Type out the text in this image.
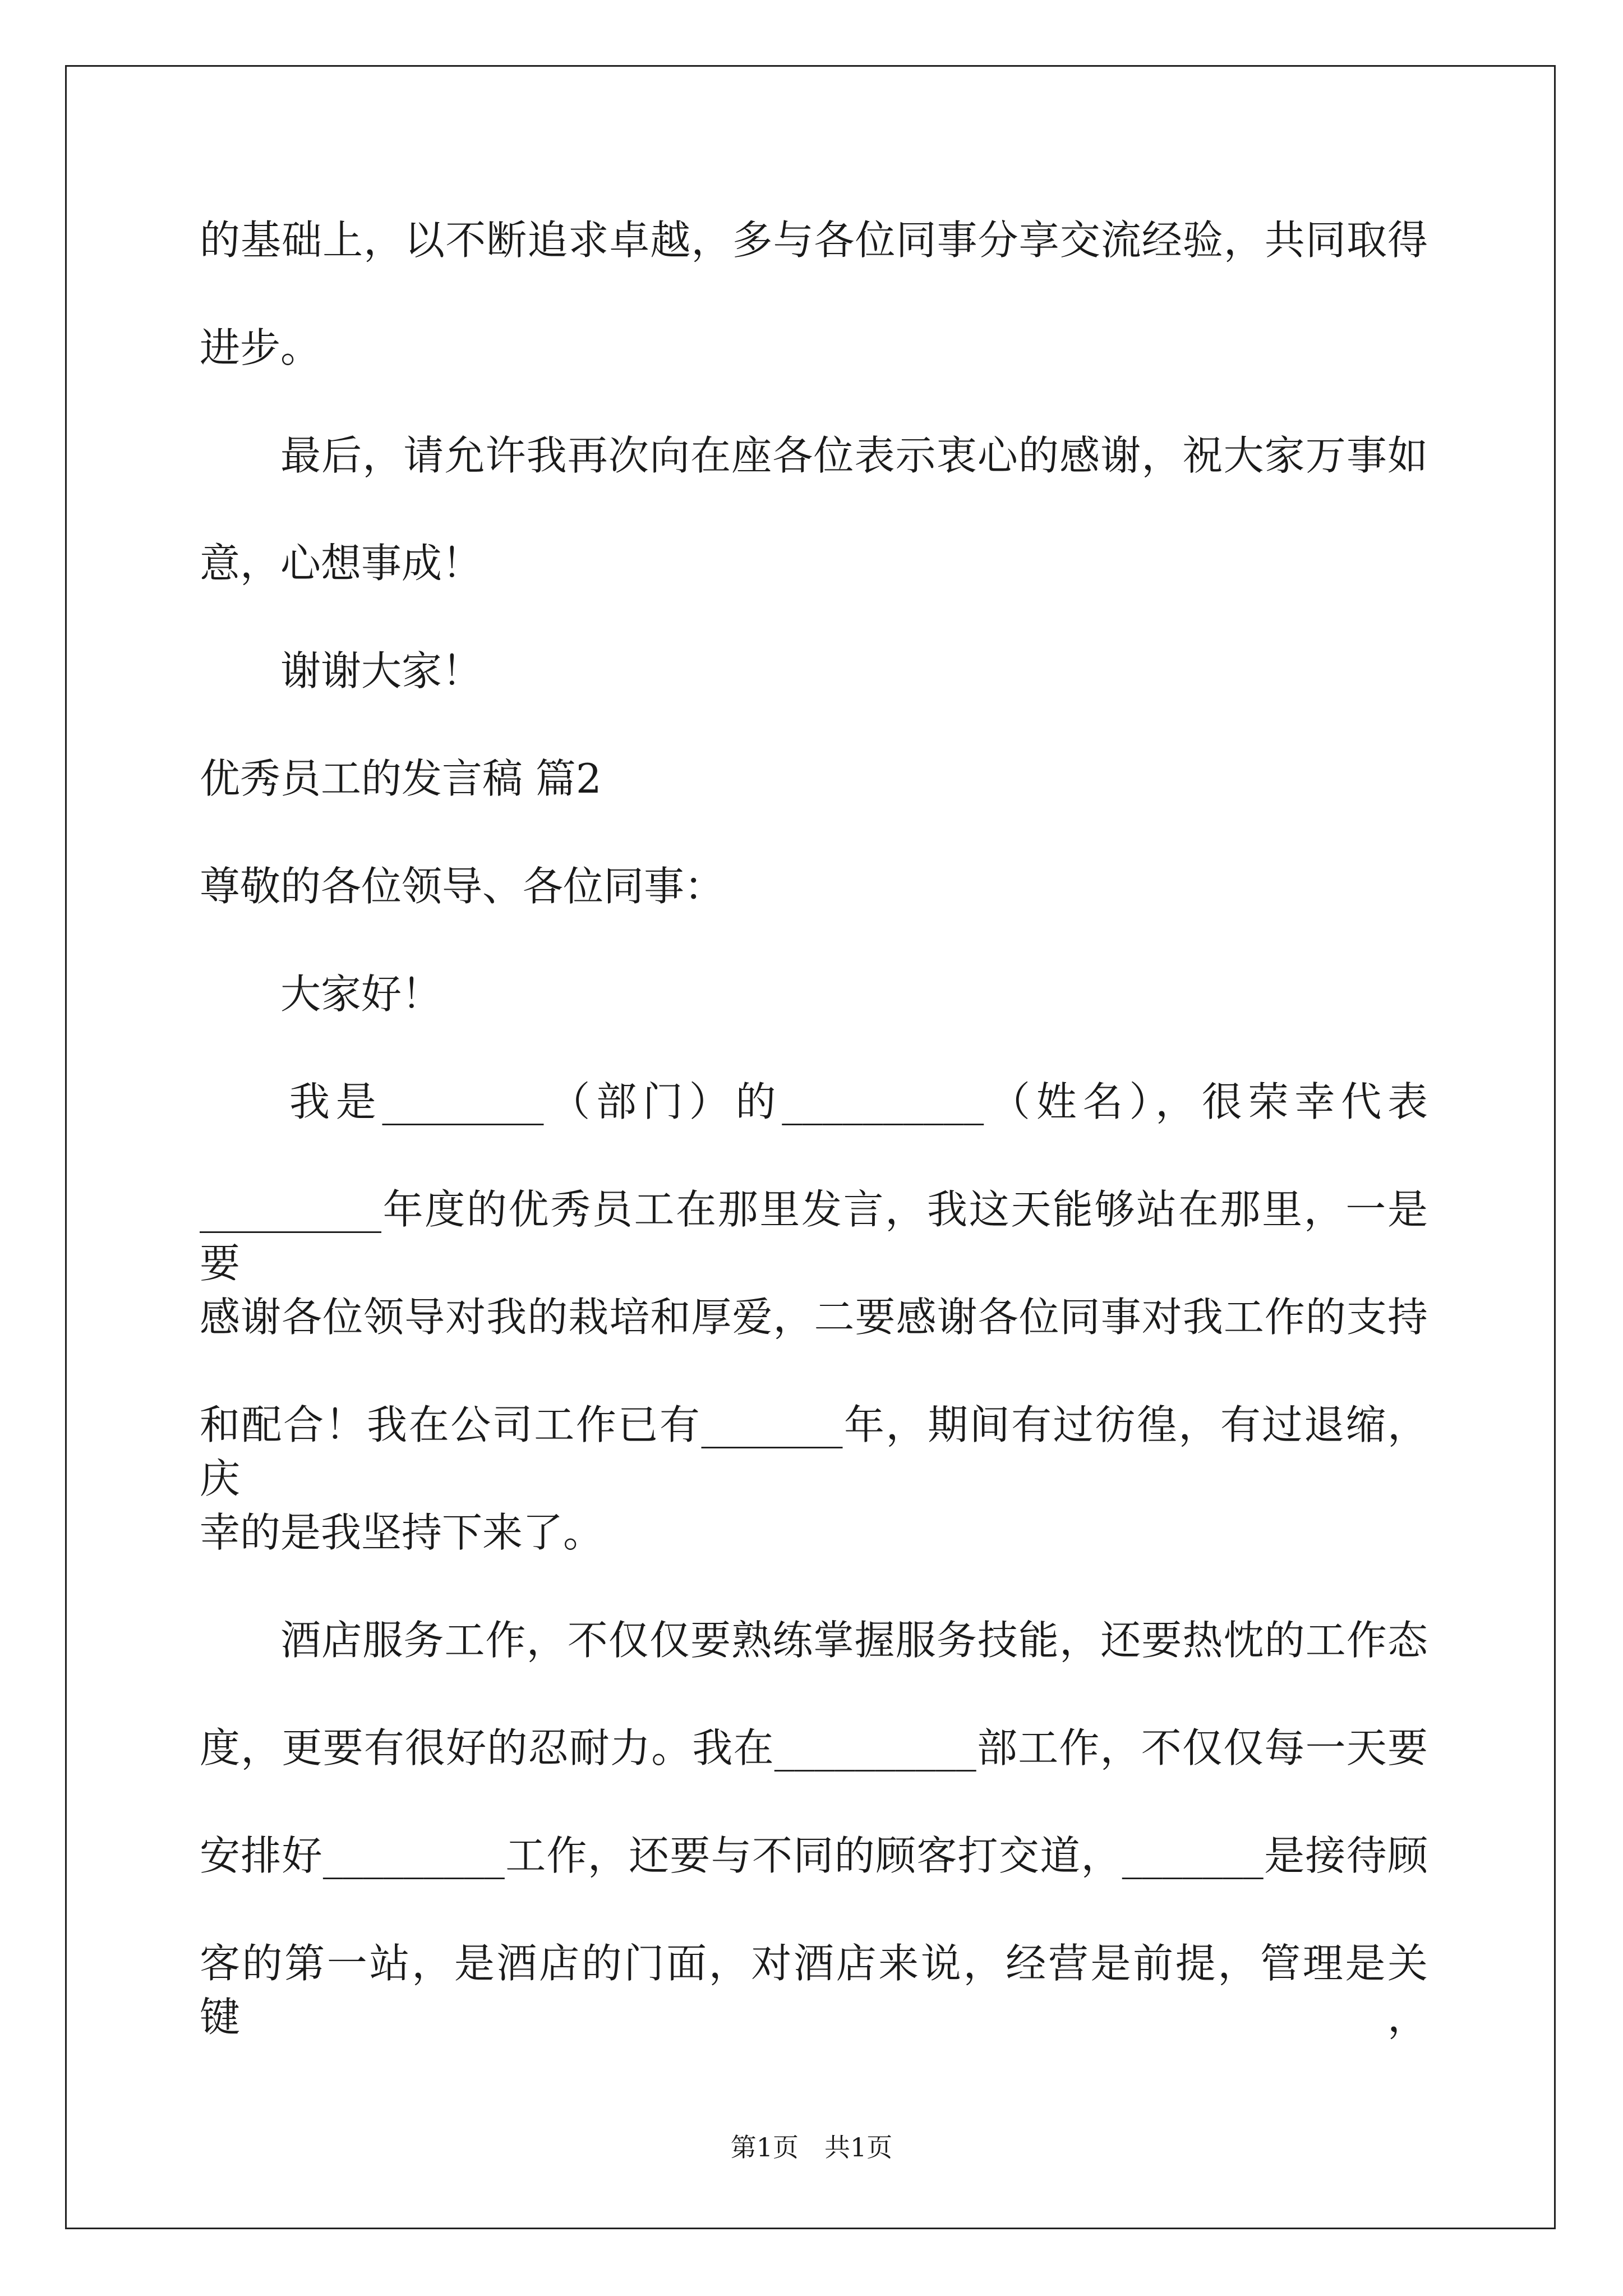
的基础上，以不断追求卓越，多与各位同事分享交流经验，共同取得
进步。
最后，请允许我再次向在座各位表示衷心的感谢，祝大家万事如
意，心想事成！
谢谢大家！
优秀员工的发言稿 篇2
尊敬的各位领导、各位同事：
大家好！
我是________（部门）的__________（姓名），很荣幸代表
_________年度的优秀员工在那里发言，我这天能够站在那里，一是要
感谢各位领导对我的栽培和厚爱，二要感谢各位同事对我工作的支持
和配合！我在公司工作已有_______年，期间有过彷徨，有过退缩，庆
幸的是我坚持下来了。
酒店服务工作，不仅仅要熟练掌握服务技能，还要热忱的工作态
度，更要有很好的忍耐力。我在__________部工作，不仅仅每一天要
安排好_________工作，还要与不同的顾客打交道，_______是接待顾
客的第一站，是酒店的门面，对酒店来说，经营是前提，管理是关键，
第1页　共1页
